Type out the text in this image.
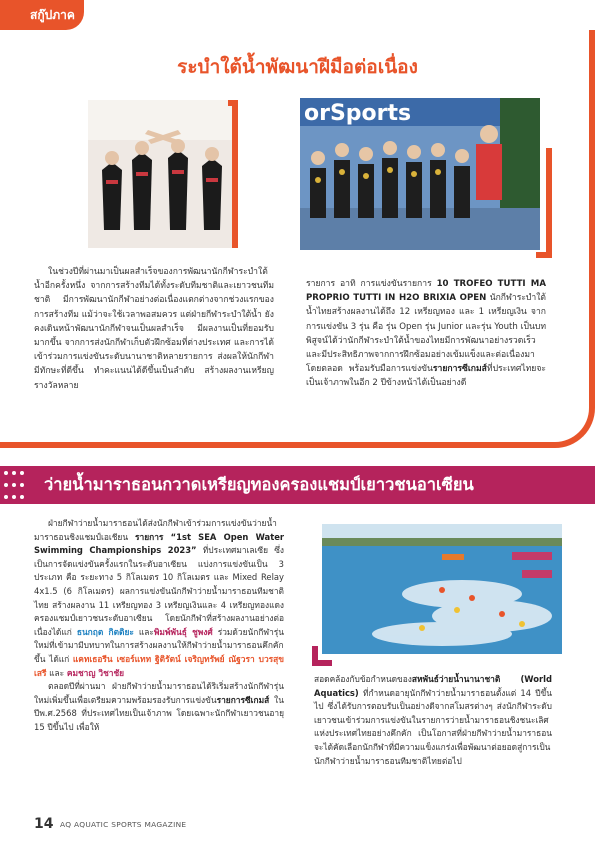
สกู๊ปภาค
ระบำใต้น้ำพัฒนาฝีมือต่อเนื่อง
orSports
ในช่วงปีที่ผ่านมาเป็นผลสำเร็จของการพัฒนานักกีฬาระบำใต้น้ำอีกครั้งหนึ่ง จากการสร้างทีมได้ทั้งระดับทีมชาติและเยาวชนทีมชาติ มีการพัฒนานักกีฬาอย่างต่อเนื่องแตกต่างจากช่วงแรกของการสร้างทีม แม้ว่าจะใช้เวลาพอสมควร แต่ฝ่ายกีฬาระบำใต้น้ำ ยังคงเดินหน้าพัฒนานักกีฬาจนเป็นผลสำเร็จ มีผลงานเป็นที่ยอมรับมากขึ้น จากการส่งนักกีฬาเก็บตัวฝึกซ้อมที่ต่างประเทศ และการได้เข้าร่วมการแข่งขันระดับนานาชาติหลายรายการ ส่งผลให้นักกีฬามีทักษะที่ดีขึ้น ทำคะแนนได้ดีขึ้นเป็นลำดับ สร้างผลงานเหรียญรางวัลหลาย
รายการ อาทิ การแข่งขันรายการ 10 TROFEO TUTTI MA PROPRIO TUTTI IN H2O BRIXIA OPEN นักกีฬาระบำใต้น้ำไทยสร้างผลงานได้ถึง 12 เหรียญทอง และ 1 เหรียญเงิน จากการแข่งขัน 3 รุ่น คือ รุ่น Open รุ่น Junior และรุ่น Youth เป็นบทพิสูจน์ได้ว่านักกีฬาระบำใต้น้ำของไทยมีการพัฒนาอย่างรวดเร็วและมีประสิทธิภาพจากการฝึกซ้อมอย่างเข้มแข็งและต่อเนื่องมาโดยตลอด พร้อมรับมือการแข่งขันรายการซีเกมส์ที่ประเทศไทยจะเป็นเจ้าภาพในอีก 2 ปีข้างหน้าได้เป็นอย่างดี
ว่ายน้ำมาราธอนกวาดเหรียญทองครองแชมป์เยาวชนอาเซียน
ฝ่ายกีฬาว่ายน้ำมาราธอนได้ส่งนักกีฬาเข้าร่วมการแข่งขันว่ายน้ำมาราธอนชิงแชมป์เอเชียน รายการ “1st SEA Open Water Swimming Championships 2023” ที่ประเทศมาเลเซีย ซึ่งเป็นการจัดแข่งขันครั้งแรกในระดับอาเซียน แบ่งการแข่งขันเป็น 3 ประเภท คือ ระยะทาง 5 กิโลเมตร 10 กิโลเมตร และ Mixed Relay 4x1.5 (6 กิโลเมตร) ผลการแข่งขันนักกีฬาว่ายน้ำมาราธอนทีมชาติไทย สร้างผลงาน 11 เหรียญทอง 3 เหรียญเงินและ 4 เหรียญทองแดง ครองแชมป์เยาวชนระดับอาเซียน โดยนักกีฬาที่สร้างผลงานอย่างต่อเนื่องได้แก่ ธนกฤต กิตติยะ และพิมพ์พันธุ์ ชูพงศ์ ร่วมด้วยนักกีฬารุ่นใหม่ที่เข้ามามีบทบาทในการสร้างผลงานให้กีฬาว่ายน้ำมาราธอนคึกคักขึ้น ได้แก่ แคทเธอรีน เซอร์แทท ฐิติรัตน์ เจริญทรัพย์ ณัฐวรา บวรสุขเสรี และ คมชาญ วิชาชัย
ตลอดปีที่ผ่านมา ฝ่ายกีฬาว่ายน้ำมาราธอนได้ริเริ่มสร้างนักกีฬารุ่นใหม่เพิ่มขึ้นเพื่อเตรียมความพร้อมรองรับการแข่งขันรายการซีเกมส์ ในปีพ.ศ.2568 ที่ประเทศไทยเป็นเจ้าภาพ โดยเฉพาะนักกีฬาเยาวชนอายุ 15 ปีขึ้นไป เพื่อให้
สอดคล้องกับข้อกำหนดของสหพันธ์ว่ายน้ำนานาชาติ (World Aquatics) ที่กำหนดอายุนักกีฬาว่ายน้ำมาราธอนตั้งแต่ 14 ปีขึ้นไป ซึ่งได้รับการตอบรับเป็นอย่างดีจากสโมสรต่างๆ ส่งนักกีฬาระดับเยาวชนเข้าร่วมการแข่งขันในรายการว่ายน้ำมาราธอนชิงชนะเลิศแห่งประเทศไทยอย่างคึกคัก เป็นโอกาสที่ฝ่ายกีฬาว่ายน้ำมาราธอนจะได้คัดเลือกนักกีฬาที่มีความแข็งแกร่งเพื่อพัฒนาต่อยอดสู่การเป็นนักกีฬาว่ายน้ำมาราธอนทีมชาติไทยต่อไป
14 AQ AQUATIC SPORTS MAGAZINE
